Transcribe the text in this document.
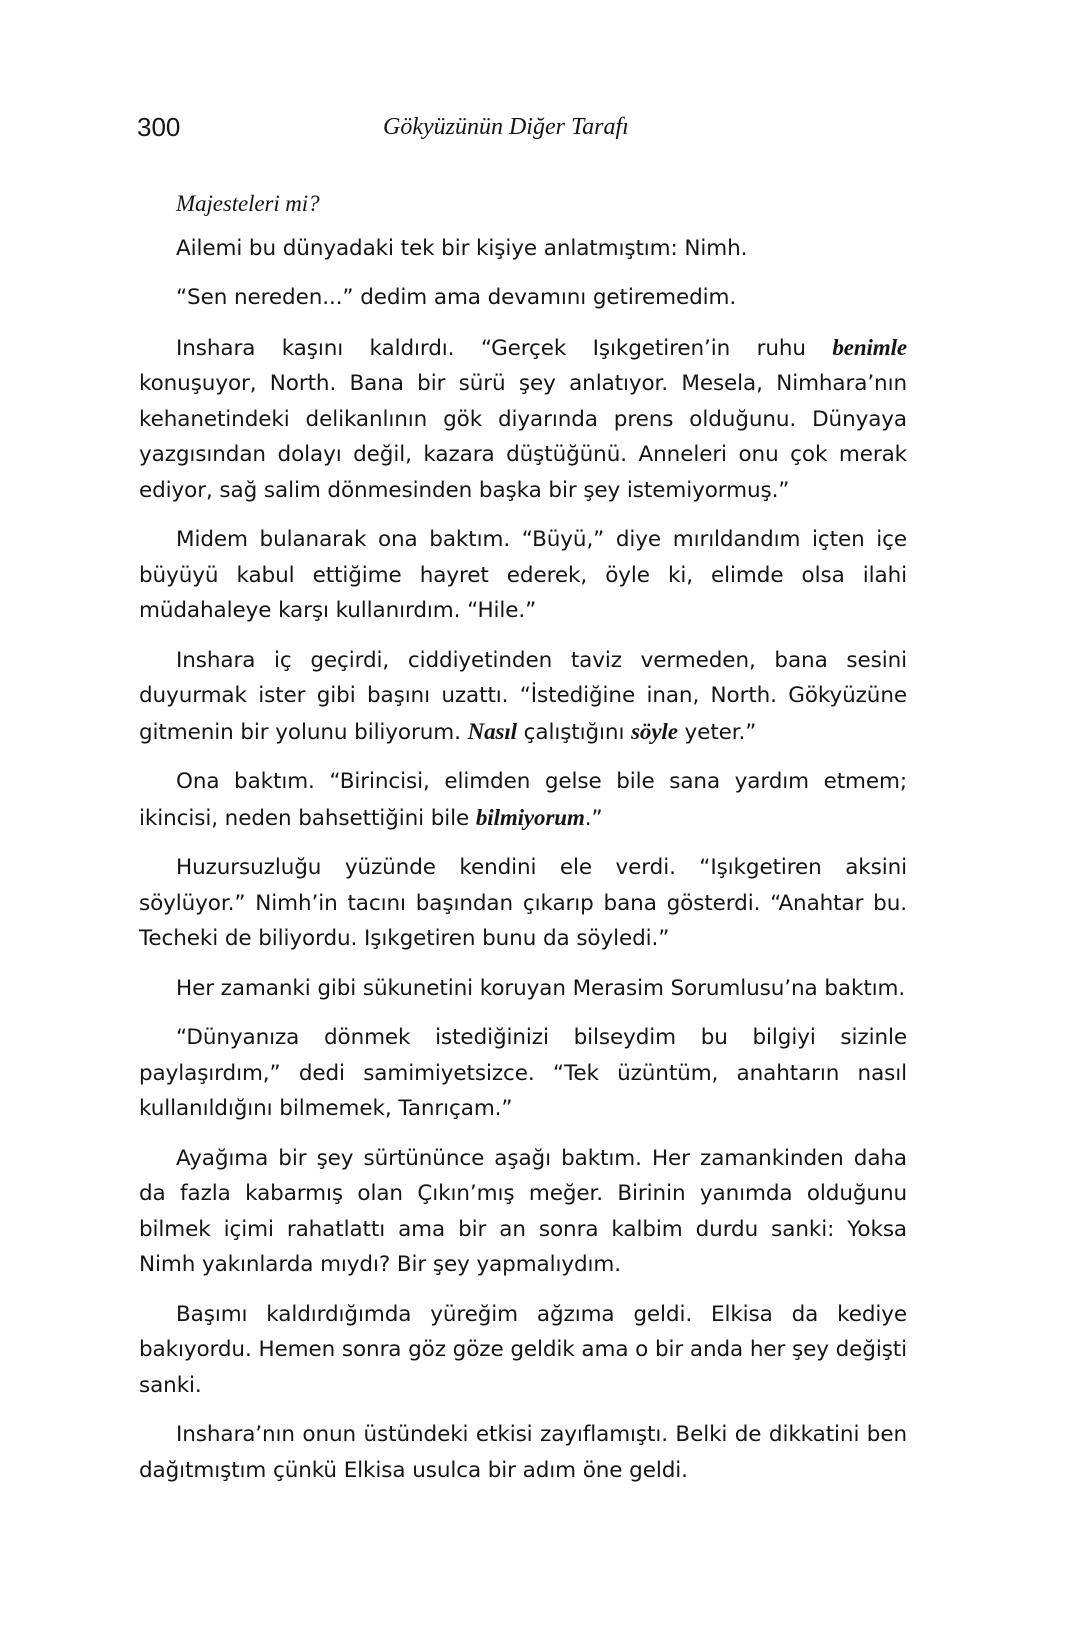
300	Gökyüzünün Diğer Tarafı

Majesteleri mi?

Ailemi bu dünyadaki tek bir kişiye anlatmıştım: Nimh.

“Sen nereden...” dedim ama devamını getiremedim.

Inshara kaşını kaldırdı. “Gerçek Işıkgetiren’in ruhu benimle konuşuyor, North. Bana bir sürü şey anlatıyor. Mesela, Nimhara’nın kehanetindeki delikanlının gök diyarında prens olduğunu. Dünyaya yazgısından dolayı değil, kazara düştüğünü. Anneleri onu çok merak ediyor, sağ salim dönmesinden başka bir şey istemiyormuş.”

Midem bulanarak ona baktım. “Büyü,” diye mırıldandım içten içe büyüyü kabul ettiğime hayret ederek, öyle ki, elimde olsa ilahi müdahaleye karşı kullanırdım. “Hile.”

Inshara iç geçirdi, ciddiyetinden taviz vermeden, bana sesini duyurmak ister gibi başını uzattı. “İstediğine inan, North. Gökyüzüne gitmenin bir yolunu biliyorum. Nasıl çalıştığını söyle yeter.”

Ona baktım. “Birincisi, elimden gelse bile sana yardım etmem; ikincisi, neden bahsettiğini bile bilmiyorum.”

Huzursuzluğu yüzünde kendini ele verdi. “Işıkgetiren aksini söylüyor.” Nimh’in tacını başından çıkarıp bana gösterdi. “Anahtar bu. Techeki de biliyordu. Işıkgetiren bunu da söyledi.”

Her zamanki gibi sükunetini koruyan Merasim Sorumlusu’na baktım.

“Dünyanıza dönmek istediğinizi bilseydim bu bilgiyi sizinle paylaşırdım,” dedi samimiyetsizce. “Tek üzüntüm, anahtarın nasıl kullanıldığını bilmemek, Tanrıçam.”

Ayağıma bir şey sürtününce aşağı baktım. Her zamankinden daha da fazla kabarmış olan Çıkın’mış meğer. Birinin yanımda olduğunu bilmek içimi rahatlattı ama bir an sonra kalbim durdu sanki: Yoksa Nimh yakınlarda mıydı? Bir şey yapmalıydım.

Başımı kaldırdığımda yüreğim ağzıma geldi. Elkisa da kediye bakıyordu. Hemen sonra göz göze geldik ama o bir anda her şey değişti sanki.

Inshara’nın onun üstündeki etkisi zayıflamıştı. Belki de dikkatini ben dağıtmıştım çünkü Elkisa usulca bir adım öne geldi.
